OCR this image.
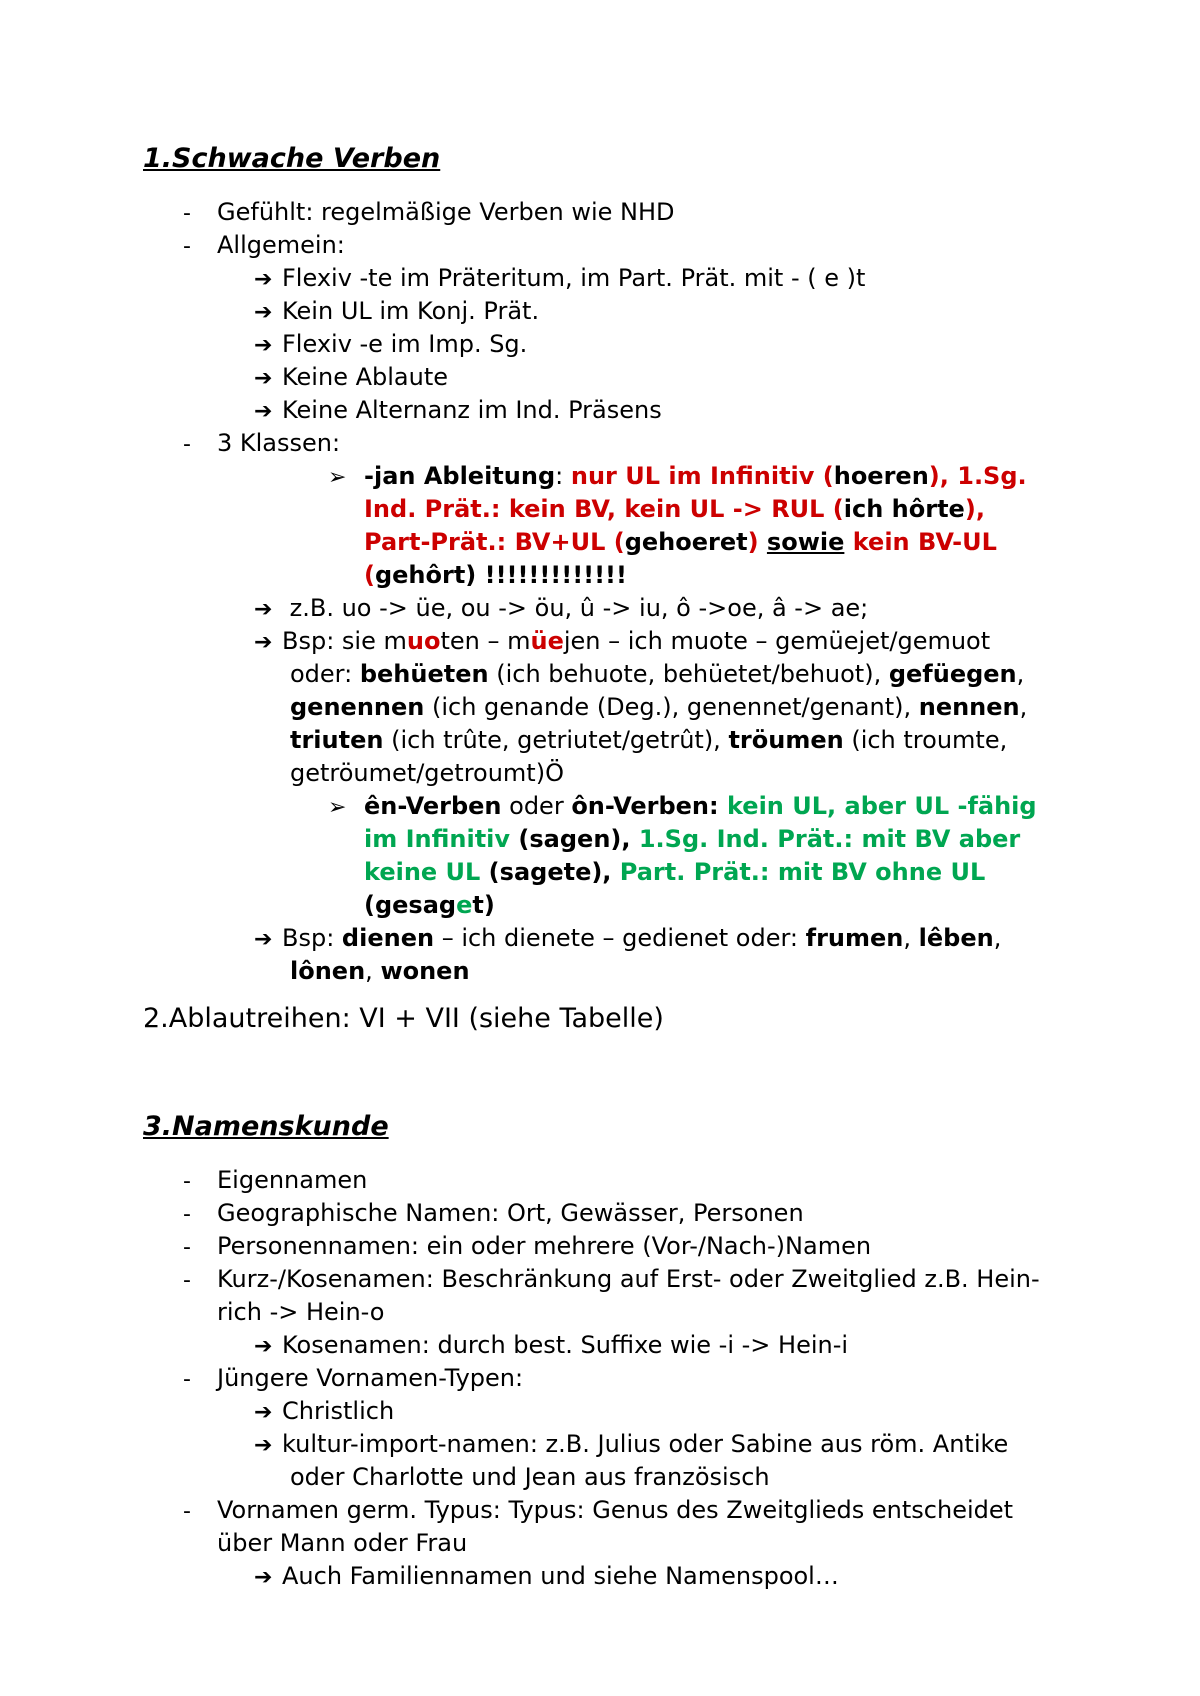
1.Schwache Verben
- Gefühlt: regelmäßige Verben wie NHD
- Allgemein:
➔ Flexiv -te im Präteritum, im Part. Prät. mit - ( e )t
➔ Kein UL im Konj. Prät.
➔ Flexiv -e im Imp. Sg.
➔ Keine Ablaute
➔ Keine Alternanz im Ind. Präsens
- 3 Klassen:
➢ -jan Ableitung: nur UL im Infinitiv (hoeren), 1.Sg.
Ind. Prät.: kein BV, kein UL -> RUL (ich hôrte),
Part-Prät.: BV+UL (gehoeret) sowie kein BV-UL
(gehôrt) !!!!!!!!!!!!!
➔ z.B. uo -> üe, ou -> öu, û -> iu, ô ->oe, â -> ae;
➔ Bsp: sie muoten – müejen – ich muote – gemüejet/gemuot
oder: behüeten (ich behuote, behüetet/behuot), gefüegen,
genennen (ich genande (Deg.), genennet/genant), nennen,
triuten (ich trûte, getriutet/getrût), tröumen (ich troumte,
getröumet/getroumt)Ö
➢ ên-Verben oder ôn-Verben: kein UL, aber UL -fähig
im Infinitiv (sagen), 1.Sg. Ind. Prät.: mit BV aber
keine UL (sagete), Part. Prät.: mit BV ohne UL
(gesaget)
➔ Bsp: dienen – ich dienete – gedienet oder: frumen, lêben,
lônen, wonen
2.Ablautreihen: VI + VII (siehe Tabelle)
3.Namenskunde
- Eigennamen
- Geographische Namen: Ort, Gewässer, Personen
- Personennamen: ein oder mehrere (Vor-/Nach-)Namen
- Kurz-/Kosenamen: Beschränkung auf Erst- oder Zweitglied z.B. Hein-
rich -> Hein-o
➔ Kosenamen: durch best. Suffixe wie -i -> Hein-i
- Jüngere Vornamen-Typen:
➔ Christlich
➔ kultur-import-namen: z.B. Julius oder Sabine aus röm. Antike
oder Charlotte und Jean aus französisch
- Vornamen germ. Typus: Typus: Genus des Zweitglieds entscheidet
über Mann oder Frau
➔ Auch Familiennamen und siehe Namenspool…
